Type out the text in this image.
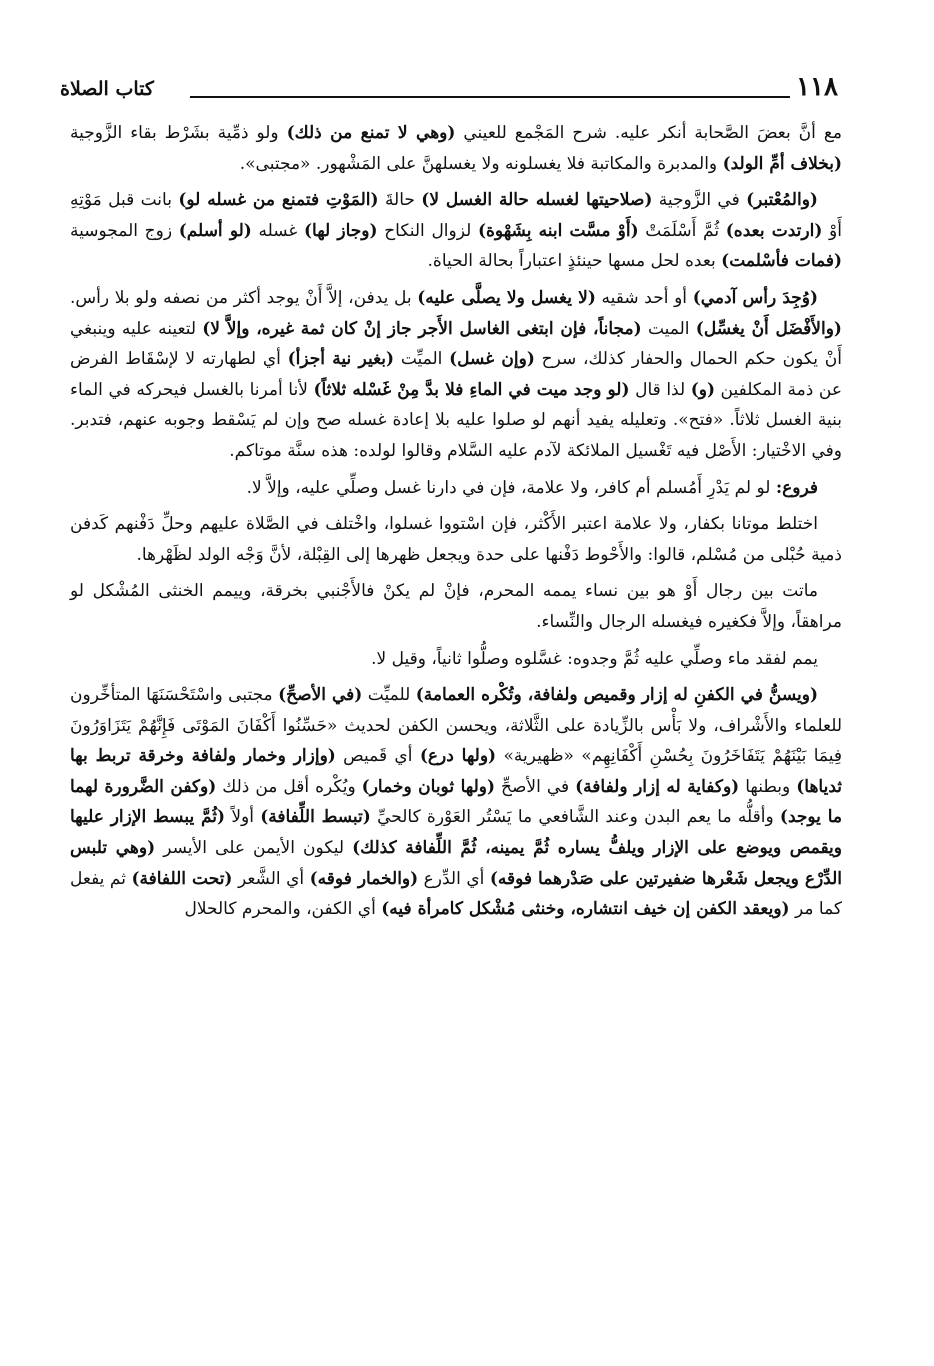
١١٨
كتاب الصلاة

مع أنَّ بعضَ الصَّحابة أنكر عليه. شرح المَجْمع للعيني (وهي لا تمنع من ذلك) ولو ذمِّية بشَرْط بقاء الزَّوجية (بخلاف أمِّ الولد) والمدبرة والمكاتبة فلا يغسلونه ولا يغسلهنَّ على المَشْهور. «مجتبى».

(والمُعْتبر) في الزَّوجية (صلاحيتها لغسله حالة الغسل لا) حالةَ (المَوْتِ فتمنع من غسله لو) بانت قبل مَوْتِهِ أَوْ (ارتدت بعده) ثُمَّ أَسْلَمَتْ (أَوْ مسَّت ابنه بِشَهْوة) لزوال النكاح (وجاز لها) غسله (لو أسلم) زوج المجوسية (فمات فأسْلمت) بعده لحل مسها حينئذٍ اعتباراً بحالة الحياة.

(وُجِدَ رأس آدمي) أو أحد شقيه (لا يغسل ولا يصلَّى عليه) بل يدفن، إلاَّ أَنْ يوجد أكثر من نصفه ولو بلا رأس. (والأَفْضَل أَنْ يغسِّل) الميت (مجاناً، فإن ابتغى الغاسل الأَجر جاز إنْ كان ثمة غيره، وإلاَّ لا) لتعينه عليه وينبغي أَنْ يكون حكم الحمال والحفار كذلك، سرح (وإن غسل) الميِّت (بغير نية أجزأ) أي لطهارته لا لإسْقَاط الفرض عن ذمة المكلفين (و) لذا قال (لو وجد ميت في الماءِ فلا بدَّ مِنْ غَسْله ثلاثاً) لأنا أمرنا بالغسل فيحركه في الماء بنية الغسل ثلاثاً. «فتح». وتعليله يفيد أنهم لو صلوا عليه بلا إعادة غسله صح وإن لم يَسْقط وجوبه عنهم، فتدبر. وفي الاخْتيار: الأَصْل فيه تَغْسيل الملائكة لآدم عليه السَّلام وقالوا لولده: هذه سنَّة موتاكم.

فروع: لو لم يَدْرِ أَمُسلم أم كافر، ولا علامة، فإن في دارنا غسل وصلِّي عليه، وإلاَّ لا.

اختلط موتانا بكفار، ولا علامة اعتبر الأَكْثر، فإن اسْتووا غسلوا، واخْتلف في الصَّلاة عليهم وحلِّ دَفْنهم كَدفن ذمية حُبْلى من مُسْلم، قالوا: والأَحْوط دَفْنها على حدة ويجعل ظهرها إلى القِبْلة، لأنَّ وَجْه الولد لظَهْرها.

ماتت بين رجال أَوْ هو بين نساء يممه المحرم، فإنْ لم يكنْ فالأَجْنبي بخرقة، وييمم الخنثى المُشْكل لو مراهقاً، وإلاَّ فكغيره فيغسله الرجال والنِّساء.

يمم لفقد ماء وصلِّي عليه ثُمَّ وجدوه: غسَّلوه وصلُّوا ثانياً، وقيل لا.

(ويسنُّ في الكفنِ له إزار وقميص ولفافة، وتُكْره العمامة) للميِّت (في الأصحِّ) مجتبى واسْتَحْسَنَهَا المتأخِّرون للعلماء والأَشْراف، ولا بَأْس بالزِّيادة على الثَّلاثة، ويحسن الكفن لحديث «حَسِّنُوا أَكْفَانَ المَوْتَى فَإِنَّهُمْ يَتَزَاوَرُونَ فِيمَا بَيْنَهُمْ يَتَفَاخَرُونَ بِحُسْنِ أَكْفَانِهِم» «ظهيرية» (ولها درع) أي قَميص (وإزار وخمار ولفافة وخرقة تربط بها ثدياها) وبطنها (وكفاية له إزار ولفافة) في الأصحِّ (ولها ثوبان وخمار) ويُكْره أقل من ذلك (وكفن الضَّرورة لهما ما يوجد) وأقلُّه ما يعم البدن وعند الشَّافعي ما يَسْتُر العَوْرة كالحيِّ (تبسط اللِّفافة) أولاً (ثُمَّ يبسط الإزار عليها ويقمص ويوضع على الإزار ويلفُّ يساره ثُمَّ يمينه، ثُمَّ اللِّفافة كذلك) ليكون الأيمن على الأيسر (وهي تلبس الدِّرْع ويجعل شَعْرها ضفيرتين على صَدْرهما فوقه) أي الدِّرع (والخمار فوقه) أي الشَّعر (تحت اللفافة) ثم يفعل كما مر (ويعقد الكفن إن خيف انتشاره، وخنثى مُشْكل كامرأة فيه) أي الكفن، والمحرم كالحلال
